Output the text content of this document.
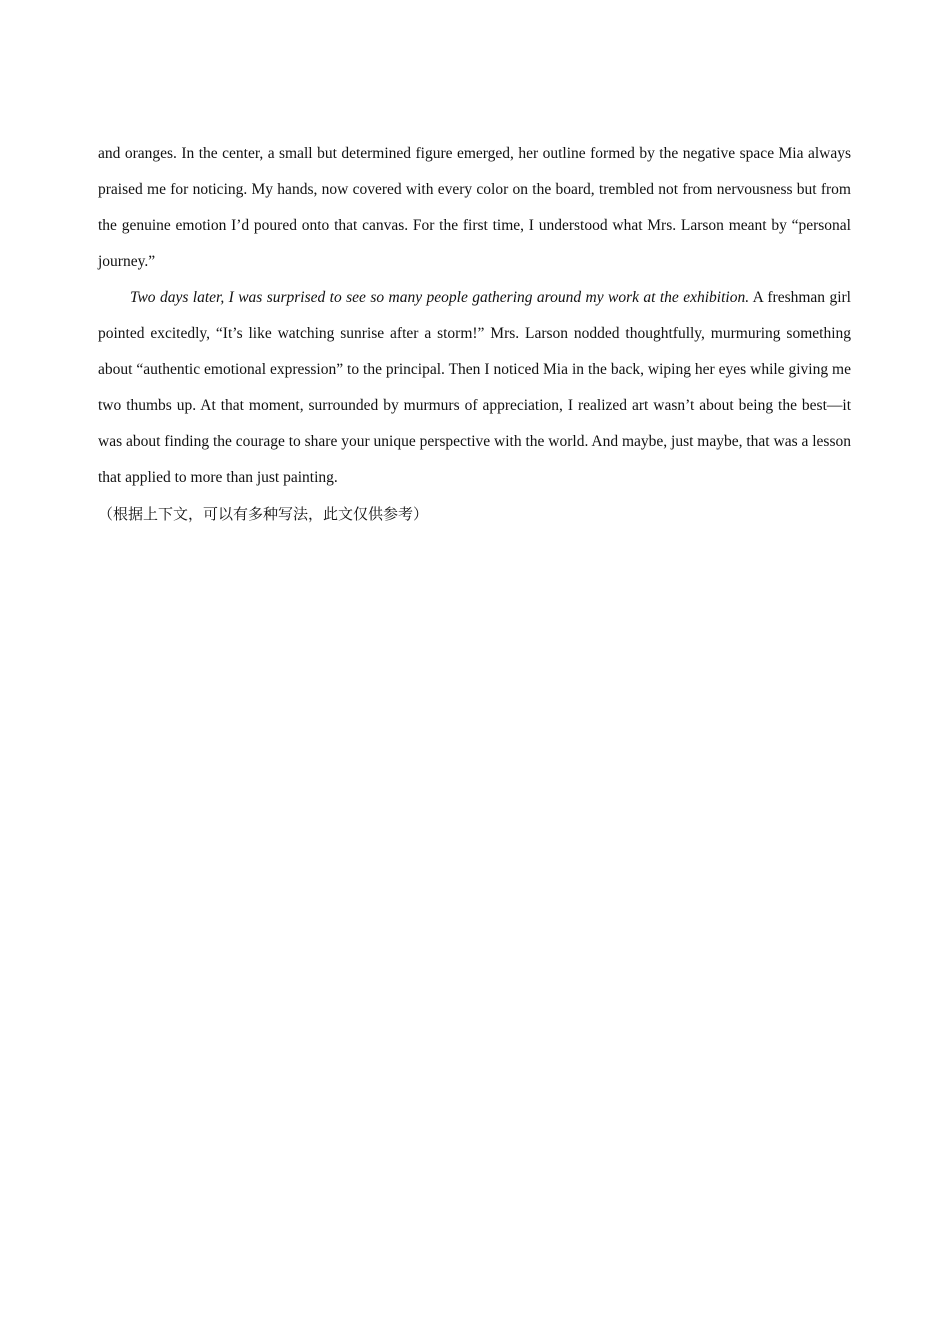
and oranges. In the center, a small but determined figure emerged, her outline formed by the negative space Mia always praised me for noticing. My hands, now covered with every color on the board, trembled not from nervousness but from the genuine emotion I’d poured onto that canvas. For the first time, I understood what Mrs. Larson meant by “personal journey.”

Two days later, I was surprised to see so many people gathering around my work at the exhibition. A freshman girl pointed excitedly, “It’s like watching sunrise after a storm!” Mrs. Larson nodded thoughtfully, murmuring something about “authentic emotional expression” to the principal. Then I noticed Mia in the back, wiping her eyes while giving me two thumbs up. At that moment, surrounded by murmurs of appreciation, I realized art wasn’t about being the best—it was about finding the courage to share your unique perspective with the world. And maybe, just maybe, that was a lesson that applied to more than just painting.

（根据上下文，可以有多种写法，此文仅供参考）
